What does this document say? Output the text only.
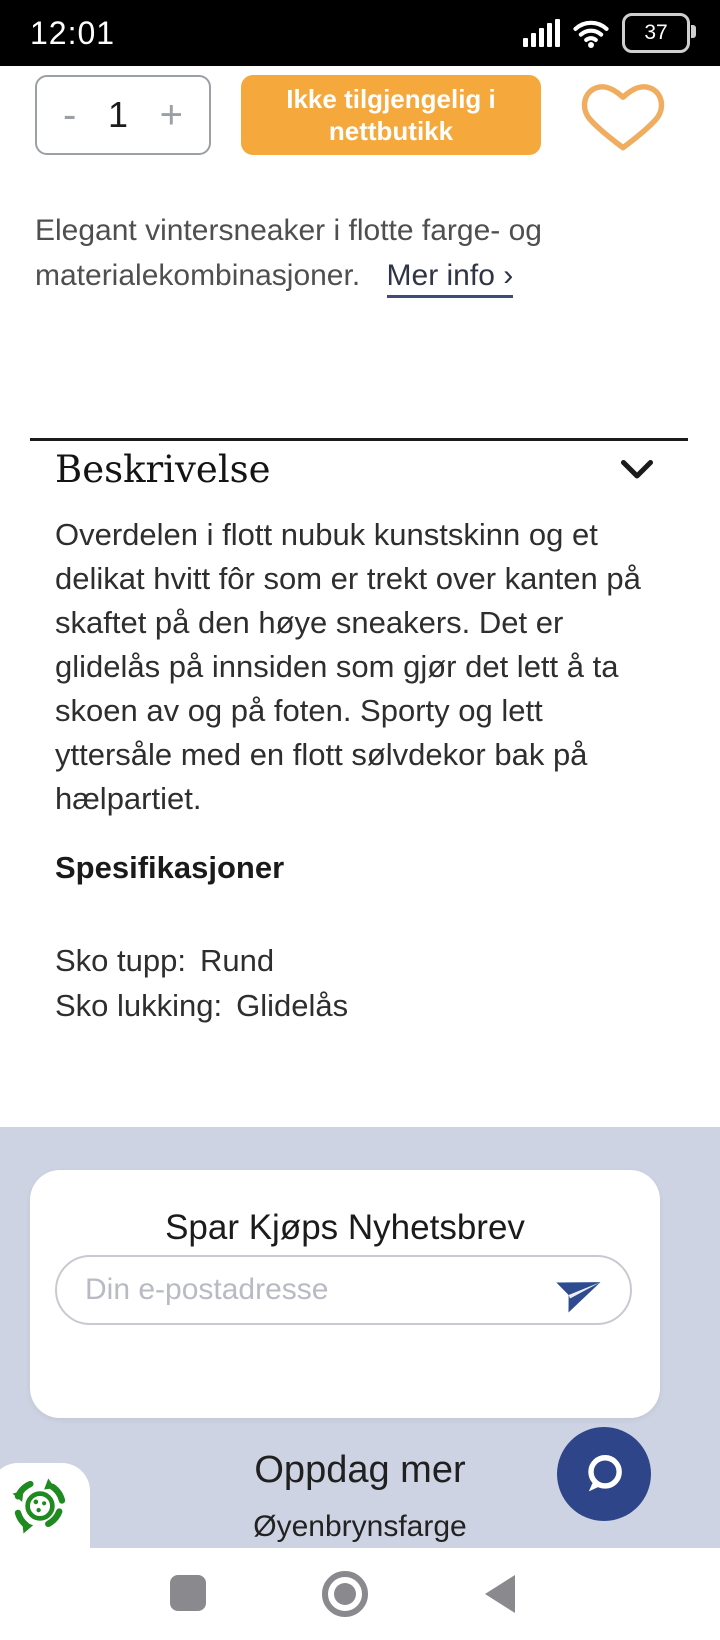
12:01	37
- 1 +	Ikke tilgjengelig i nettbutikk
Elegant vintersneaker i flotte farge- og materialekombinasjoner. Mer info ›
Beskrivelse
Overdelen i flott nubuk kunstskinn og et delikat hvitt fôr som er trekt over kanten på skaftet på den høye sneakers. Det er glidelås på innsiden som gjør det lett å ta skoen av og på foten. Sporty og lett yttersåle med en flott sølvdekor bak på hælpartiet.
Spesifikasjoner
Sko tupp: Rund
Sko lukking: Glidelås
Spar Kjøps Nyhetsbrev
Din e-postadresse
Oppdag mer
Øyenbrynsfarge
